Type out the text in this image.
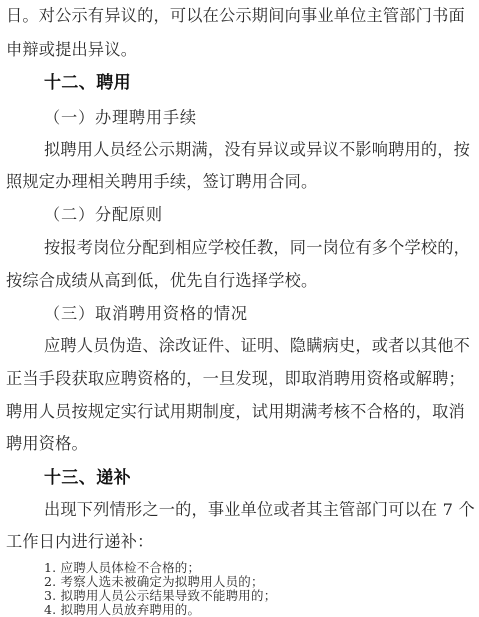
日。对公示有异议的，可以在公示期间向事业单位主管部门书面
申辩或提出异议。
十二、聘用
（一）办理聘用手续
拟聘用人员经公示期满，没有异议或异议不影响聘用的，按
照规定办理相关聘用手续，签订聘用合同。
（二）分配原则
按报考岗位分配到相应学校任教，同一岗位有多个学校的，
按综合成绩从高到低，优先自行选择学校。
（三）取消聘用资格的情况
应聘人员伪造、涂改证件、证明、隐瞒病史，或者以其他不
正当手段获取应聘资格的，一旦发现，即取消聘用资格或解聘；
聘用人员按规定实行试用期制度，试用期满考核不合格的，取消
聘用资格。
十三、递补
出现下列情形之一的，事业单位或者其主管部门可以在 7 个
工作日内进行递补：
1. 应聘人员体检不合格的；
2. 考察人选未被确定为拟聘用人员的；
3. 拟聘用人员公示结果导致不能聘用的；
4. 拟聘用人员放弃聘用的。
